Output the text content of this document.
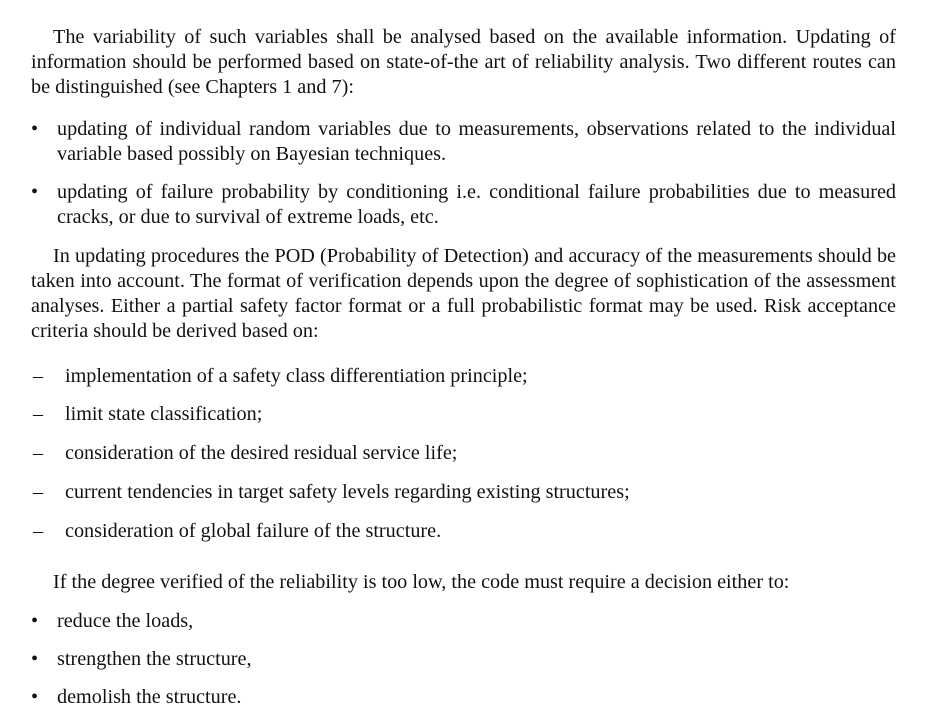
The variability of such variables shall be analysed based on the available information. Updating of information should be performed based on state-of-the art of reliability analysis. Two different routes can be distinguished (see Chapters 1 and 7):

• updating of individual random variables due to measurements, observations related to the individual variable based possibly on Bayesian techniques.
• updating of failure probability by conditioning i.e. conditional failure probabilities due to measured cracks, or due to survival of extreme loads, etc.

In updating procedures the POD (Probability of Detection) and accuracy of the measurements should be taken into account. The format of verification depends upon the degree of sophistication of the assessment analyses. Either a partial safety factor format or a full probabilistic format may be used. Risk acceptance criteria should be derived based on:

–	implementation of a safety class differentiation principle;
–	limit state classification;
–	consideration of the desired residual service life;
–	current tendencies in target safety levels regarding existing structures;
–	consideration of global failure of the structure.

If the degree verified of the reliability is too low, the code must require a decision either to:

• reduce the loads,
• strengthen the structure,
• demolish the structure.
